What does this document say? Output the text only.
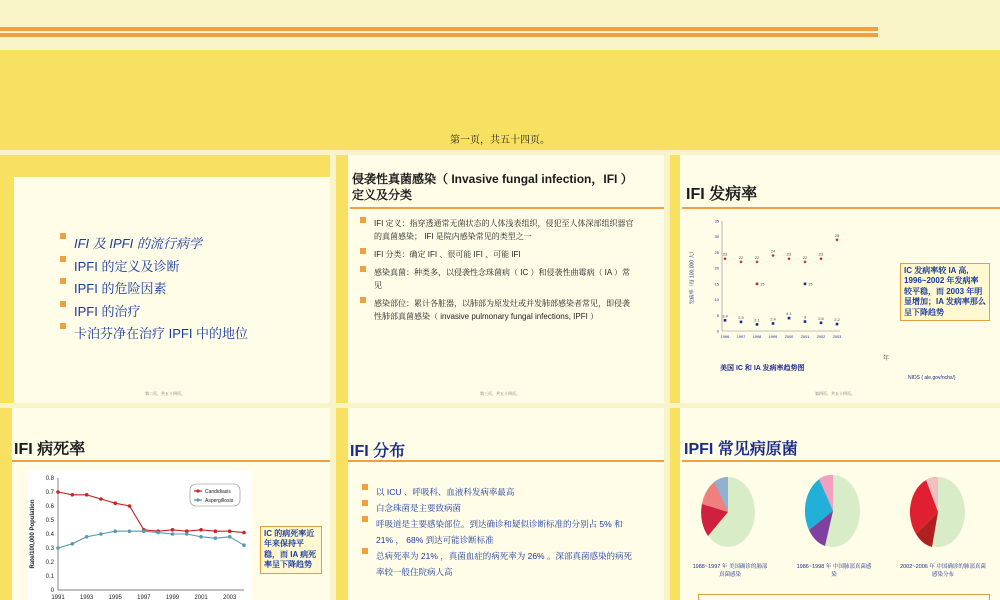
第一页，共五十四页。
IFI 及 IPFI 的流行病学
IPFI 的定义及诊断
IPFI 的危险因素
IPFI 的治疗
卡泊芬净在治疗 IPFI 中的地位
第二页，共五十四页。
侵袭性真菌感染（ Invasive fungal infection，IFI ）定义及分类
IFI 定义：指穿透通常无菌状态的人体浅表组织，侵犯至人体深部组织器官的真菌感染； IFI 是院内感染常见的类型之一
IFI 分类：确定 IFI 、很可能 IFI 、可能 IFI
感染真菌：种类多，以侵袭性念珠菌病（ IC ）和侵袭性曲霉病（ IA ）常见
感染部位：累计各脏器，以肺部为原发灶或并发肺部感染者常见，即侵袭性肺部真菌感染（ invasive pulmonary fungal infections, IPFI ）
第三页，共五十四页。
IFI 发病率
0
5
10
15
20
25
30
35
1996 1997 1998 1999 2000 2001 2002 2003
23
22	22
24
23
22
23
29
3.4	2.9
2.1	2.4
4.1
3	2.6	2.2
15	15
发病率（每 100,000 人）
年
美国 IC 和 IA 发病率趋势图
NIDS ( ale.gov/nchs/)
IC 发病率较 IA 高, 1996~2002 年发病率较平稳，而 2003 年明显增加；IA 发病率那么呈下降趋势
第四页，共五十四页。
IFI 病死率
0
0.1
0.2
0.3
0.4
0.5
0.6
0.7
0.8
1991	1993	1995	1997	1999	2001	2003
Rate/100,000 Population
Candidiasis
Aspergillosis
IC 的病死率近年来保持平稳，而 IA 病死率呈下降趋势
IFI 分布
以 ICU 、呼吸科、血液科发病率最高
白念珠菌是主要致病菌
呼吸道是主要感染部位。到达确诊和疑似诊断标准的分别占 5% 和 21% ， 68% 到达可能诊断标准
总病死率为 21% ，真菌血症的病死率为 26% 。深部真菌感染的病死率较一般住院病人高
IPFI 常见病原菌
1988~1997 年 美国确诊的肺部真菌感染
1986~1998 年 中国肺部真菌感染
2002~2006 年 中国确诊的肺部真菌感染分布
